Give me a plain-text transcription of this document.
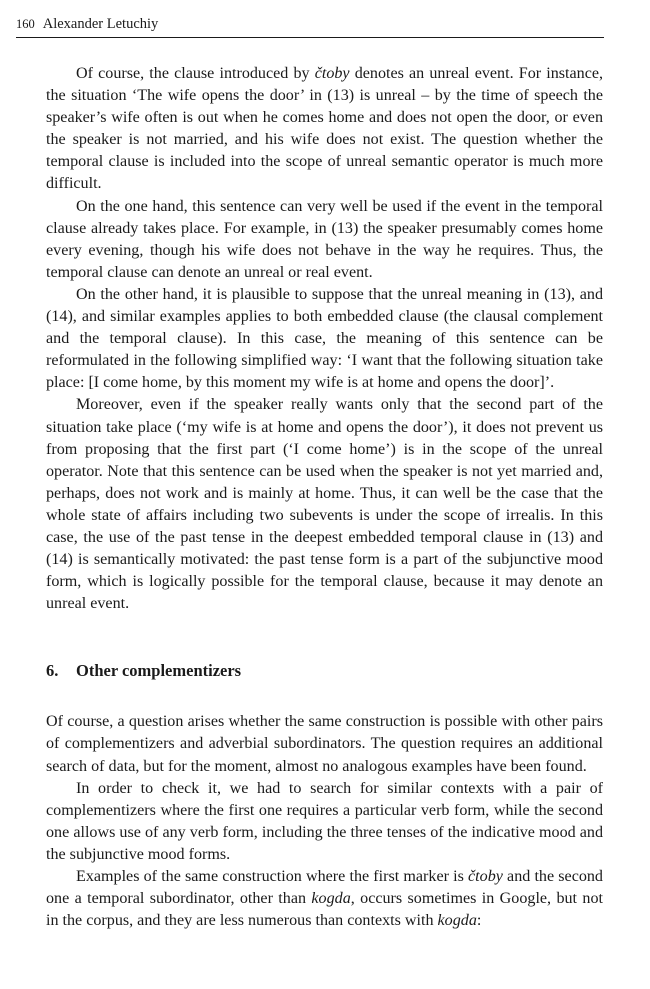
160 Alexander Letuchiy

Of course, the clause introduced by čtoby denotes an unreal event. For instance, the situation ‘The wife opens the door’ in (13) is unreal – by the time of speech the speaker’s wife often is out when he comes home and does not open the door, or even the speaker is not married, and his wife does not exist. The question whether the temporal clause is included into the scope of unreal semantic operator is much more difficult.

On the one hand, this sentence can very well be used if the event in the temporal clause already takes place. For example, in (13) the speaker presumably comes home every evening, though his wife does not behave in the way he requires. Thus, the temporal clause can denote an unreal or real event.

On the other hand, it is plausible to suppose that the unreal meaning in (13), and (14), and similar examples applies to both embedded clause (the clausal complement and the temporal clause). In this case, the meaning of this sentence can be reformulated in the following simplified way: ‘I want that the following situation take place: [I come home, by this moment my wife is at home and opens the door]’.

Moreover, even if the speaker really wants only that the second part of the situation take place (‘my wife is at home and opens the door’), it does not prevent us from proposing that the first part (‘I come home’) is in the scope of the unreal operator. Note that this sentence can be used when the speaker is not yet married and, perhaps, does not work and is mainly at home. Thus, it can well be the case that the whole state of affairs including two subevents is under the scope of irrealis. In this case, the use of the past tense in the deepest embedded temporal clause in (13) and (14) is semantically motivated: the past tense form is a part of the subjunctive mood form, which is logically possible for the temporal clause, because it may denote an unreal event.

6. Other complementizers

Of course, a question arises whether the same construction is possible with other pairs of complementizers and adverbial subordinators. The question requires an additional search of data, but for the moment, almost no analogous examples have been found.

In order to check it, we had to search for similar contexts with a pair of complementizers where the first one requires a particular verb form, while the second one allows use of any verb form, including the three tenses of the indicative mood and the subjunctive mood forms.

Examples of the same construction where the first marker is čtoby and the second one a temporal subordinator, other than kogda, occurs sometimes in Google, but not in the corpus, and they are less numerous than contexts with kogda:
